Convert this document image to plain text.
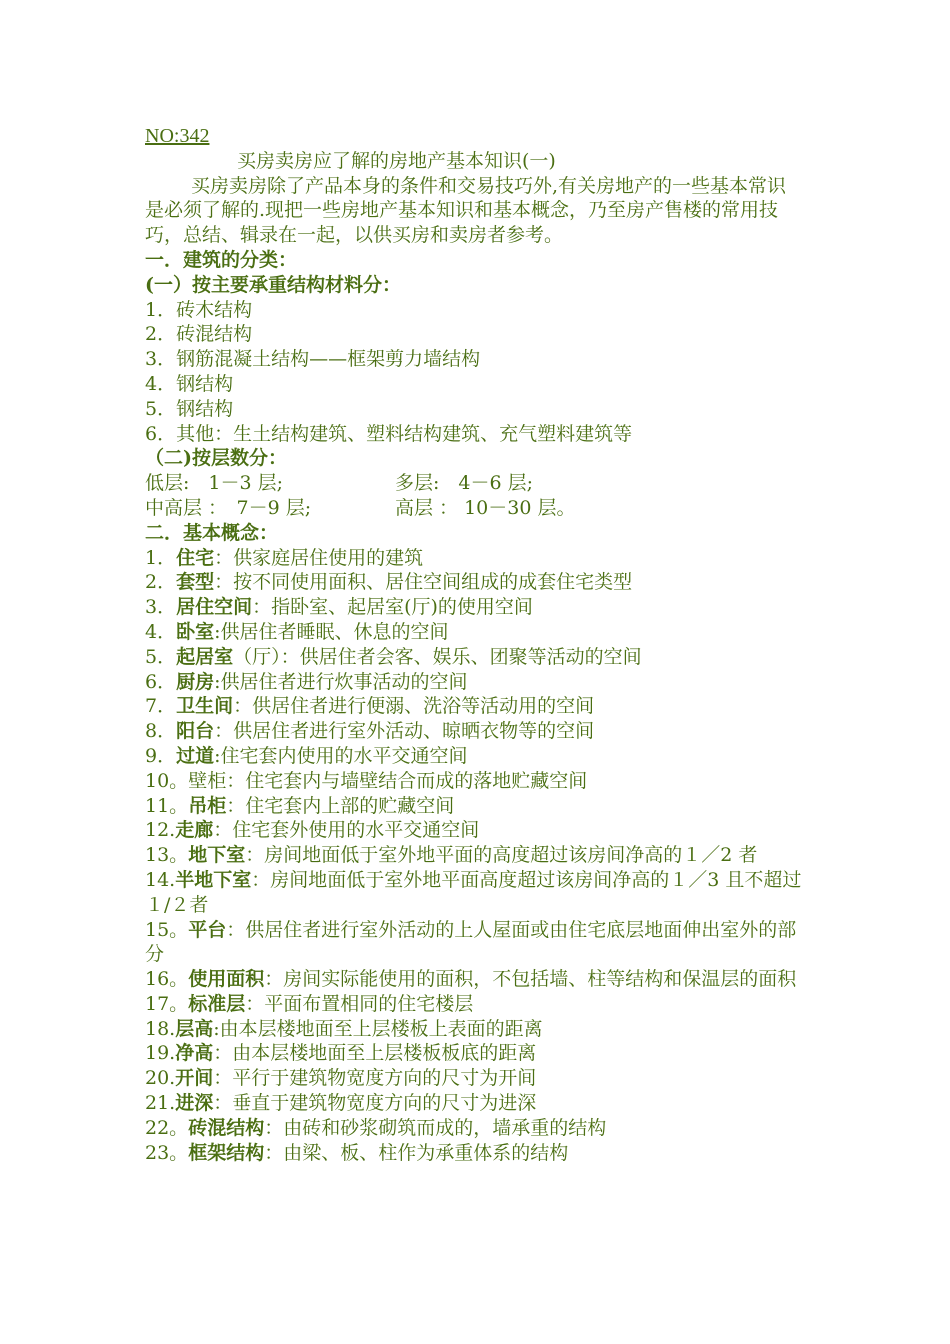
NO:342
买房卖房应了解的房地产基本知识(一)
买房卖房除了产品本身的条件和交易技巧外,有关房地产的一些基本常识是必须了解的.现把一些房地产基本知识和基本概念，乃至房产售楼的常用技巧，总结、辑录在一起，以供买房和卖房者参考。
一．建筑的分类：
(一）按主要承重结构材料分：
1．砖木结构
2．砖混结构
3．钢筋混凝土结构——框架剪力墙结构
4．钢结构
5．钢结构
6．其他：生土结构建筑、塑料结构建筑、充气塑料建筑等
（二)按层数分：
低层:　1－3 层;	多层:　4－6 层;
中高层 ：　7－9 层;	高层 ： 10－30 层。
二．基本概念：
1．住宅：供家庭居住使用的建筑
2．套型：按不同使用面积、居住空间组成的成套住宅类型
3．居住空间：指卧室、起居室(厅)的使用空间
4．卧室:供居住者睡眠、休息的空间
5．起居室（厅）：供居住者会客、娱乐、团聚等活动的空间
6．厨房:供居住者进行炊事活动的空间
7．卫生间：供居住者进行便溺、洗浴等活动用的空间
8．阳台：供居住者进行室外活动、晾晒衣物等的空间
9．过道:住宅套内使用的水平交通空间
10。壁柜：住宅套内与墙壁结合而成的落地贮藏空间
11。吊柜：住宅套内上部的贮藏空间
12.走廊：住宅套外使用的水平交通空间
13。地下室：房间地面低于室外地平面的高度超过该房间净高的１／2 者
14.半地下室：房间地面低于室外地平面高度超过该房间净高的１／3 且不超过１/２者
15。平台：供居住者进行室外活动的上人屋面或由住宅底层地面伸出室外的部分
16。使用面积：房间实际能使用的面积，不包括墙、柱等结构和保温层的面积
17。标准层：平面布置相同的住宅楼层
18.层高:由本层楼地面至上层楼板上表面的距离
19.净高：由本层楼地面至上层楼板板底的距离
20.开间：平行于建筑物宽度方向的尺寸为开间
21.进深：垂直于建筑物宽度方向的尺寸为进深
22。砖混结构：由砖和砂浆砌筑而成的，墙承重的结构
23。框架结构：由梁、板、柱作为承重体系的结构
